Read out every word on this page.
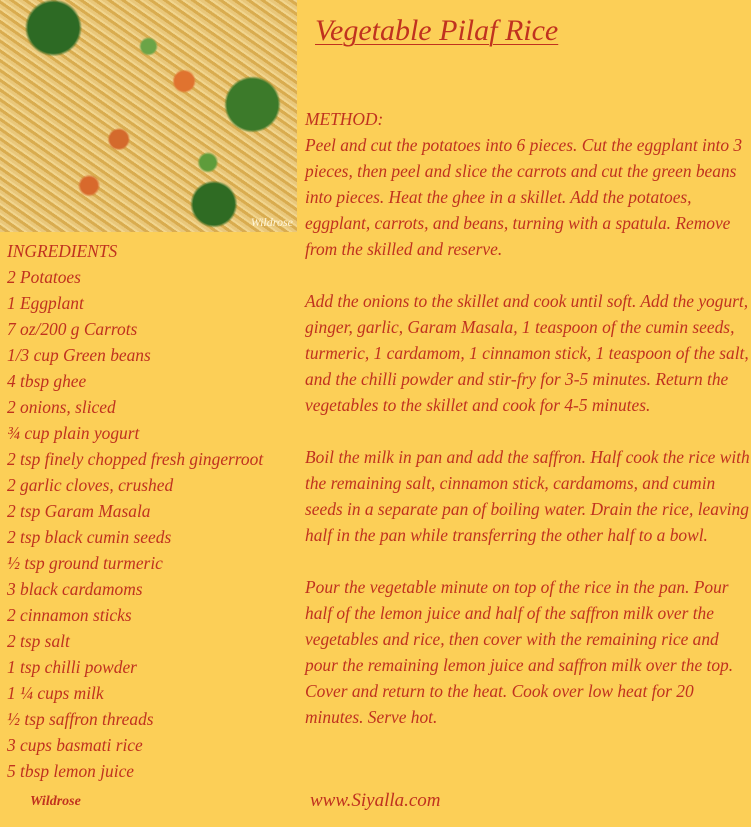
Wildrose
Vegetable Pilaf Rice
INGREDIENTS
2 Potatoes
1 Eggplant
7 oz/200 g Carrots
1/3 cup Green beans
4 tbsp ghee
2 onions, sliced
¾ cup plain yogurt
2 tsp finely chopped fresh gingerroot
2 garlic cloves, crushed
2 tsp Garam Masala
2 tsp black cumin seeds
½ tsp ground turmeric
3 black cardamoms
2 cinnamon sticks
2 tsp salt
1 tsp chilli powder
1 ¼ cups milk
½ tsp saffron threads
3 cups basmati rice
5 tbsp lemon juice
METHOD:

Peel and cut the potatoes into 6 pieces. Cut the eggplant into 3 pieces, then peel and slice the carrots and cut the green beans into pieces. Heat the ghee in a skillet. Add the potatoes, eggplant, carrots, and beans, turning with a spatula. Remove from the skilled and reserve.

Add the onions to the skillet and cook until soft. Add the yogurt, ginger, garlic, Garam Masala, 1 teaspoon of the cumin seeds, turmeric, 1 cardamom, 1 cinnamon stick, 1 teaspoon of the salt, and the chilli powder and stir-fry for 3-5 minutes. Return the vegetables to the skillet and cook for 4-5 minutes.

Boil the milk in pan and add the saffron. Half cook the rice with the remaining salt, cinnamon stick, cardamoms, and cumin seeds in a separate pan of boiling water. Drain the rice, leaving half in the pan while transferring the other half to a bowl.

Pour the vegetable minute on top of the rice in the pan. Pour half of the lemon juice and half of the saffron milk over the vegetables and rice, then cover with the remaining rice and pour the remaining lemon juice and saffron milk over the top. Cover and return to the heat. Cook over low heat for 20 minutes. Serve hot.

Wildrose	www.Siyalla.com
